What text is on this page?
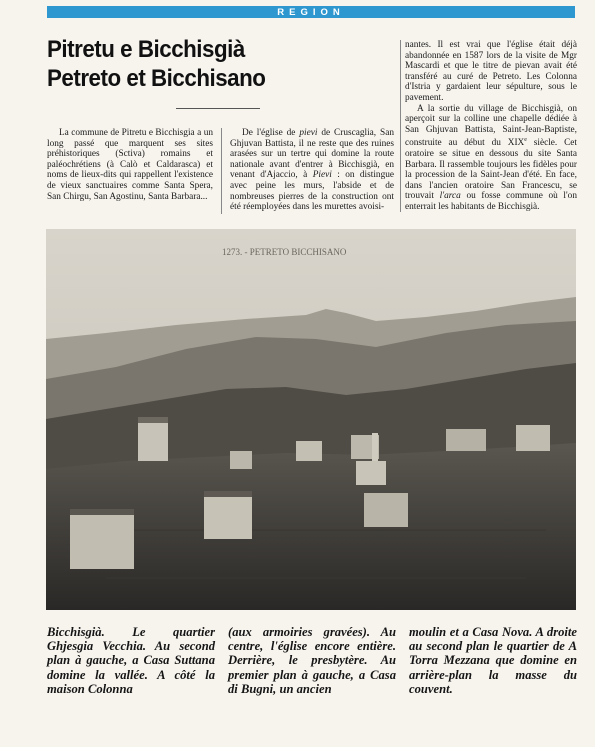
REGION
Pitretu e Bicchisgià
Petreto et Bicchisano

La commune de Pitretu e Bicchisgia a un long passé que marquent ses sites préhistoriques (Sctiva) romains et paléochrétiens (à Calò et Caldarasca) et noms de lieux-dits qui rappellent l'existence de vieux sanctuaires comme Santa Spera, San Chirgu, San Agostinu, Santa Barbara...

De l'église de pievi de Cruscaglia, San Ghjuvan Battista, il ne reste que des ruines arasées sur un tertre qui domine la route nationale avant d'entrer à Bicchisgià, en venant d'Ajaccio, à Pievi : on distingue avec peine les murs, l'abside et de nombreuses pierres de la construction ont été réemployées dans les murettes avoisi-

nantes. Il est vrai que l'église était déjà abandonnée en 1587 lors de la visite de Mgr Mascardi et que le titre de pievan avait été transféré au curé de Petreto. Les Colonna d'Istria y gardaient leur sépulture, sous le pavement.

A la sortie du village de Bicchisgià, on aperçoit sur la colline une chapelle dédiée à San Ghjuvan Battista, Saint-Jean-Baptiste, construite au début du XIXe siècle. Cet oratoire se situe en dessous du site Santa Barbara. Il rassemble toujours les fidèles pour la procession de la Saint-Jean d'été. En face, dans l'ancien oratoire San Francescu, se trouvait l'arca ou fosse commune où l'on enterrait les habitants de Bicchisgià.

1273. - PETRETO BICCHISANO
Bicchisgià. Le quartier Ghjesgia Vecchia. Au second plan à gauche, a Casa Suttana domine la vallée. A côté la maison Colonna
(aux armoiries gravées). Au centre, l'église encore entière. Derrière, le presbytère. Au premier plan à gauche, a Casa di Bugni, un ancien
moulin et a Casa Nova. A droite au second plan le quartier de A Torra Mezzana que domine en arrière-plan la masse du couvent.
